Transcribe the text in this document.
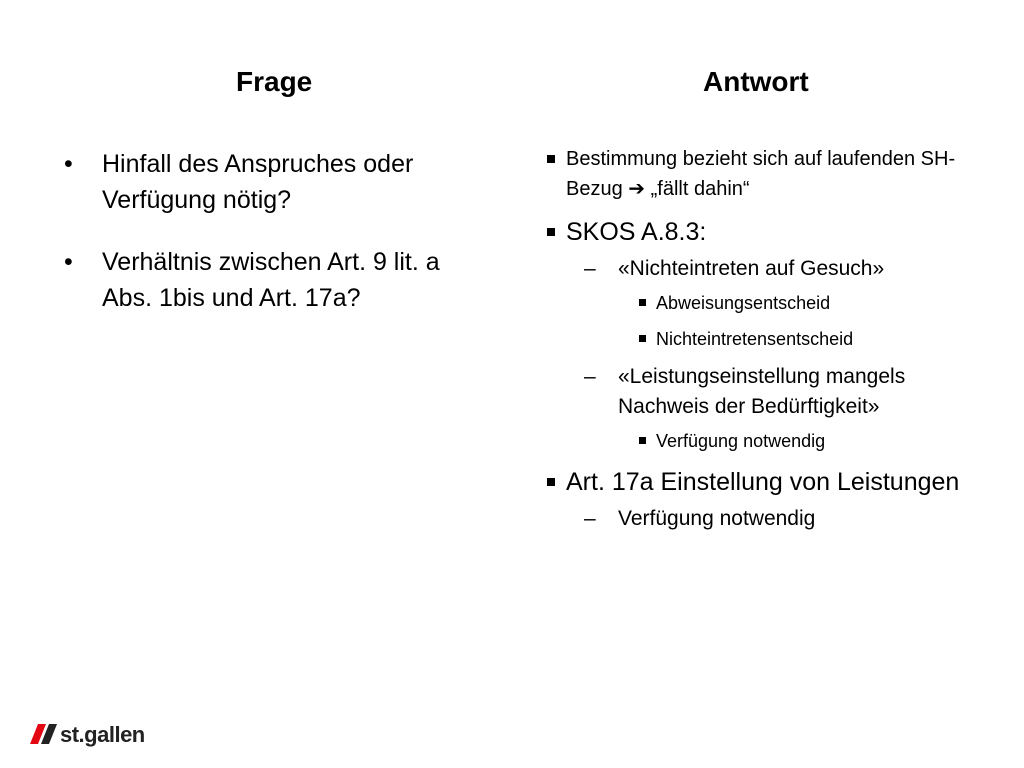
Frage	Antwort
• Hinfall des Anspruches oder Verfügung nötig?
• Verhältnis zwischen Art. 9 lit. a Abs. 1bis und Art. 17a?
Bestimmung bezieht sich auf laufenden SH-Bezug ➔ „fällt dahin“
SKOS A.8.3:
– «Nichteintreten auf Gesuch»
Abweisungsentscheid
Nichteintretensentscheid
– «Leistungseinstellung mangels Nachweis der Bedürftigkeit»
Verfügung notwendig
Art. 17a Einstellung von Leistungen
– Verfügung notwendig
st.gallen
